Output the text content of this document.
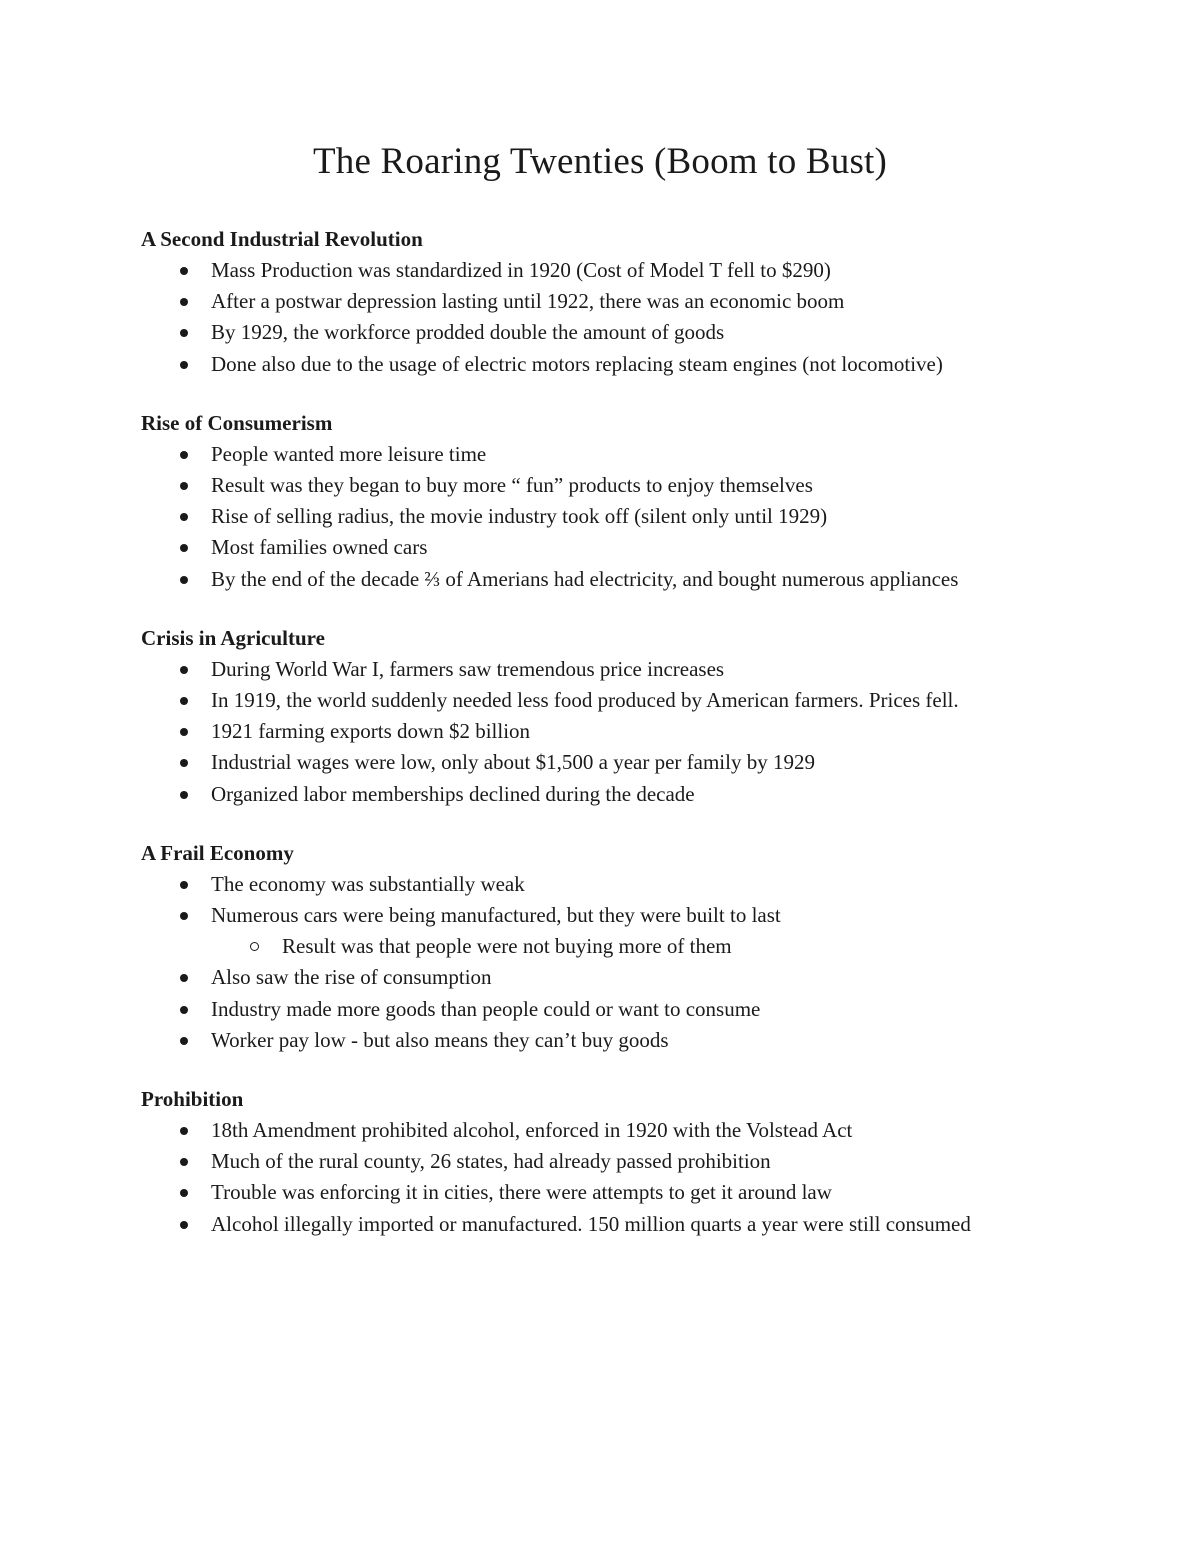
The Roaring Twenties (Boom to Bust)
A Second Industrial Revolution
Mass Production was standardized in 1920 (Cost of Model T fell to $290)
After a postwar depression lasting until 1922, there was an economic boom
By 1929, the workforce prodded double the amount of goods
Done also due to the usage of electric motors replacing steam engines (not locomotive)
Rise of Consumerism
People wanted more leisure time
Result was they began to buy more “ fun” products to enjoy themselves
Rise of selling radius, the movie industry took off (silent only until 1929)
Most families owned cars
By the end of the decade ⅔ of Amerians had electricity, and bought numerous appliances
Crisis in Agriculture
During World War I, farmers saw tremendous price increases
In 1919, the world suddenly needed less food produced by American farmers. Prices fell.
1921 farming exports down $2 billion
Industrial wages were low, only about $1,500 a year per family by 1929
Organized labor memberships declined during the decade
A Frail Economy
The economy was substantially weak
Numerous cars were being manufactured, but they were built to last
Result was that people were not buying more of them
Also saw the rise of consumption
Industry made more goods than people could or want to consume
Worker pay low - but also means they can’t buy goods
Prohibition
18th Amendment prohibited alcohol, enforced in 1920 with the Volstead Act
Much of the rural county, 26 states, had already passed prohibition
Trouble was enforcing it in cities, there were attempts to get it around law
Alcohol illegally imported or manufactured. 150 million quarts a year were still consumed
